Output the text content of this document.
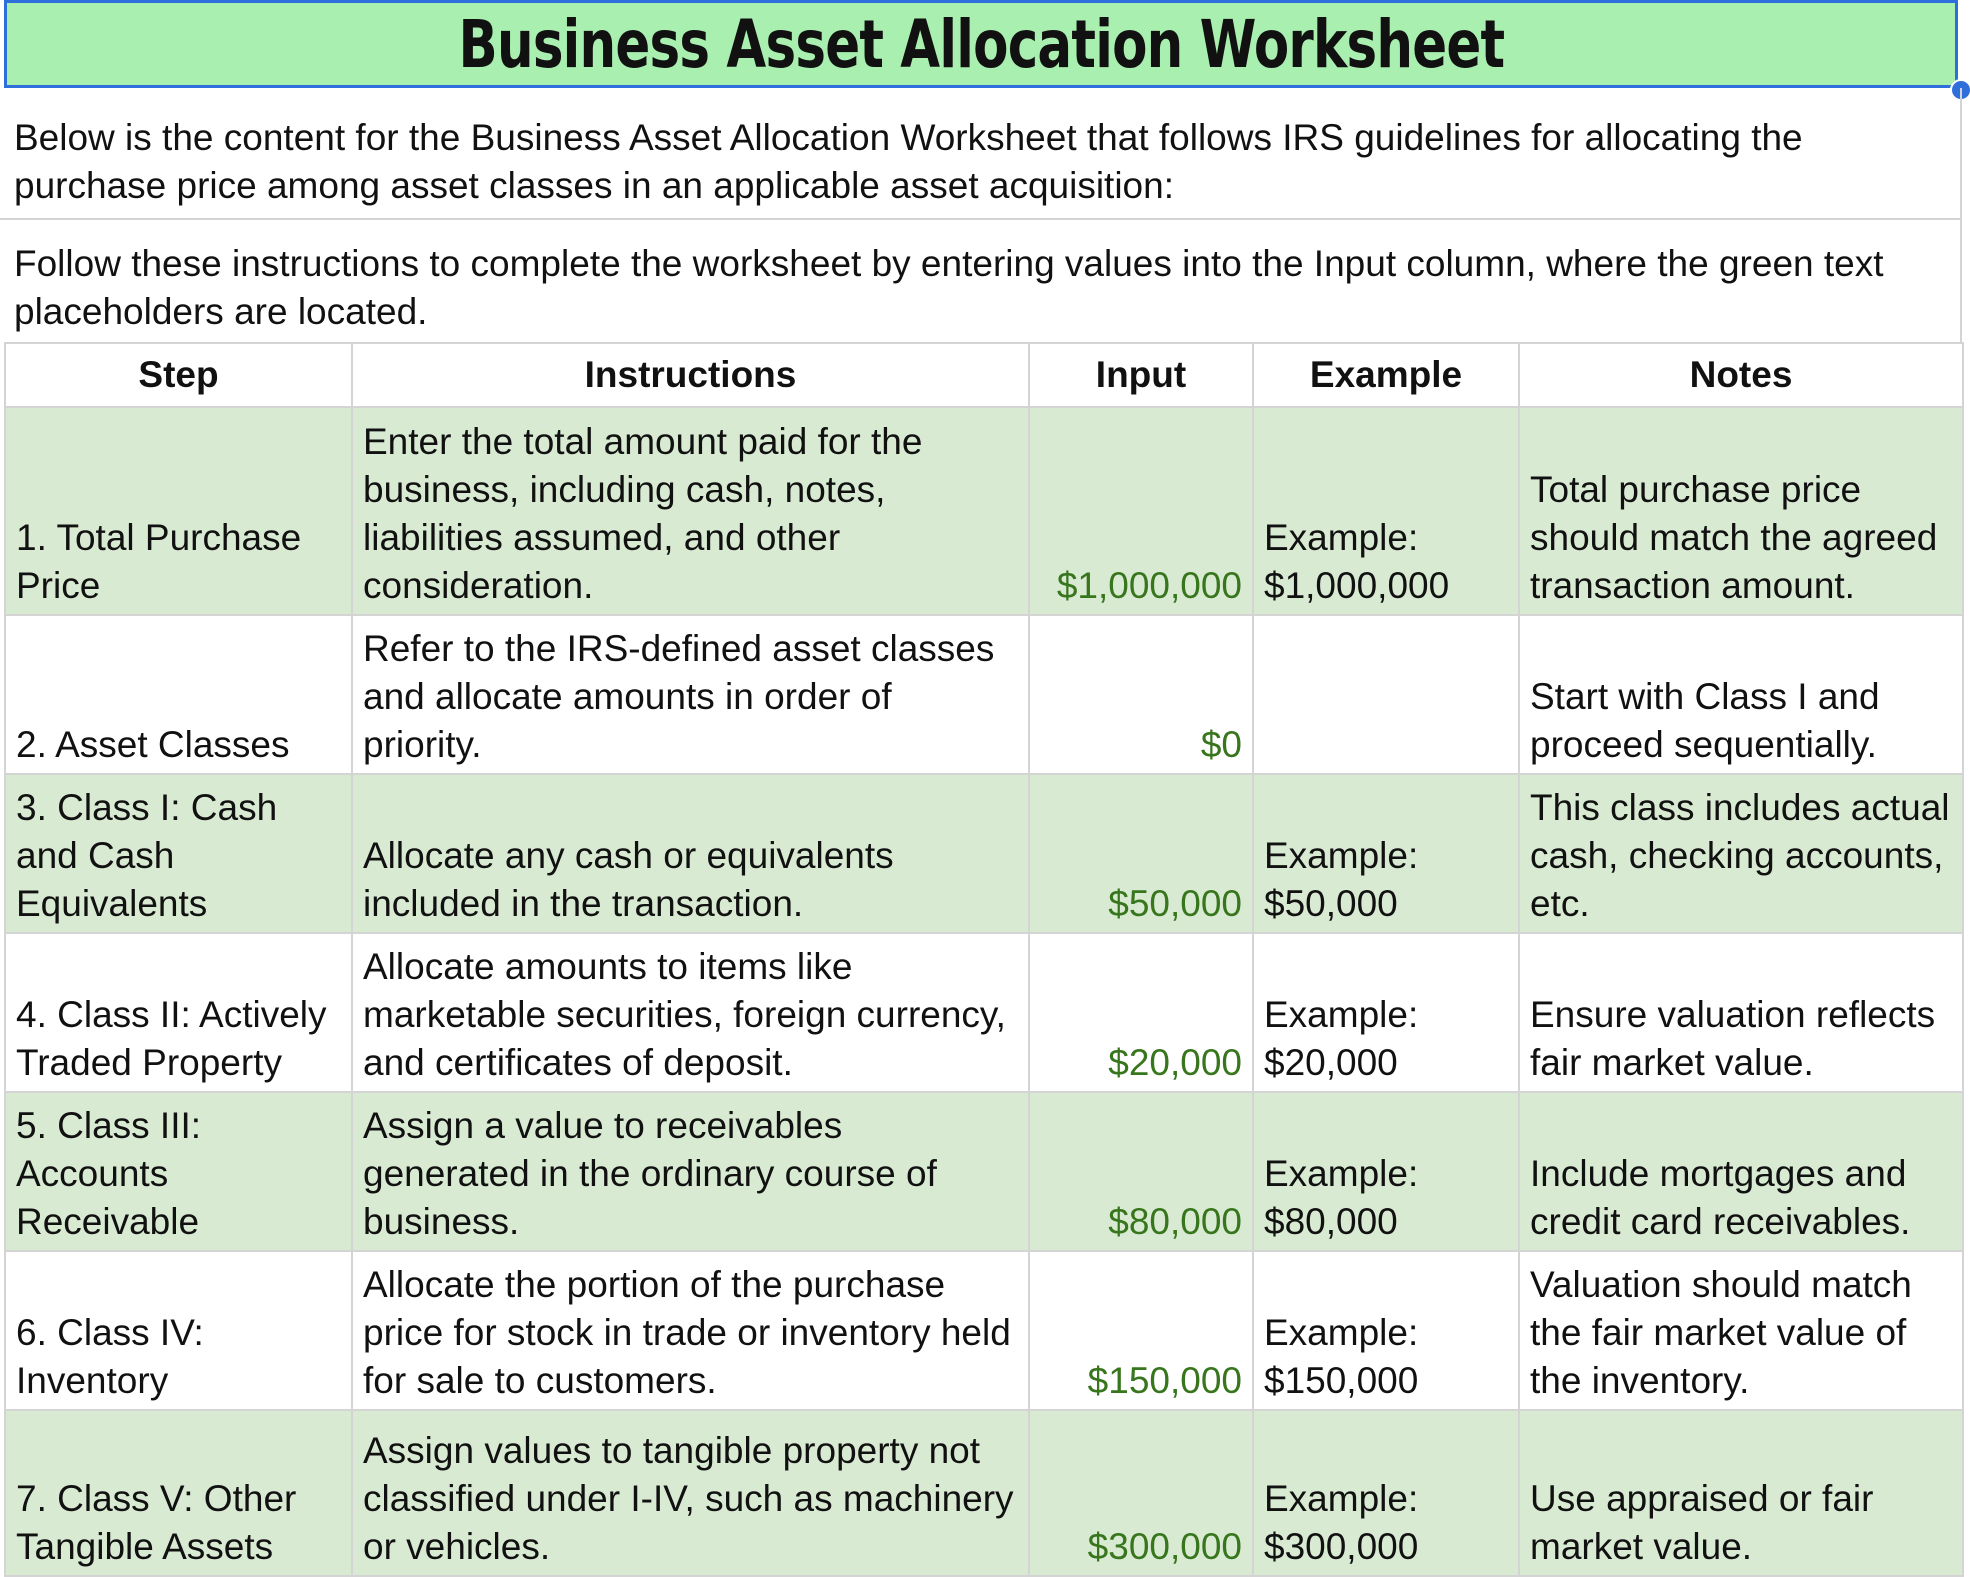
Business Asset Allocation Worksheet
Below is the content for the Business Asset Allocation Worksheet that follows IRS guidelines for allocating the purchase price among asset classes in an applicable asset acquisition:
Follow these instructions to complete the worksheet by entering values into the Input column, where the green text placeholders are located.
Step	Instructions	Input	Example	Notes
1. Total Purchase Price	Enter the total amount paid for the business, including cash, notes, liabilities assumed, and other consideration.	$1,000,000	Example: $1,000,000	Total purchase price should match the agreed transaction amount.
2. Asset Classes	Refer to the IRS-defined asset classes and allocate amounts in order of priority.	$0		Start with Class I and proceed sequentially.
3. Class I: Cash and Cash Equivalents	Allocate any cash or equivalents included in the transaction.	$50,000	Example: $50,000	This class includes actual cash, checking accounts, etc.
4. Class II: Actively Traded Property	Allocate amounts to items like marketable securities, foreign currency, and certificates of deposit.	$20,000	Example: $20,000	Ensure valuation reflects fair market value.
5. Class III: Accounts Receivable	Assign a value to receivables generated in the ordinary course of business.	$80,000	Example: $80,000	Include mortgages and credit card receivables.
6. Class IV: Inventory	Allocate the portion of the purchase price for stock in trade or inventory held for sale to customers.	$150,000	Example: $150,000	Valuation should match the fair market value of the inventory.
7. Class V: Other Tangible Assets	Assign values to tangible property not classified under I-IV, such as machinery or vehicles.	$300,000	Example: $300,000	Use appraised or fair market value.
